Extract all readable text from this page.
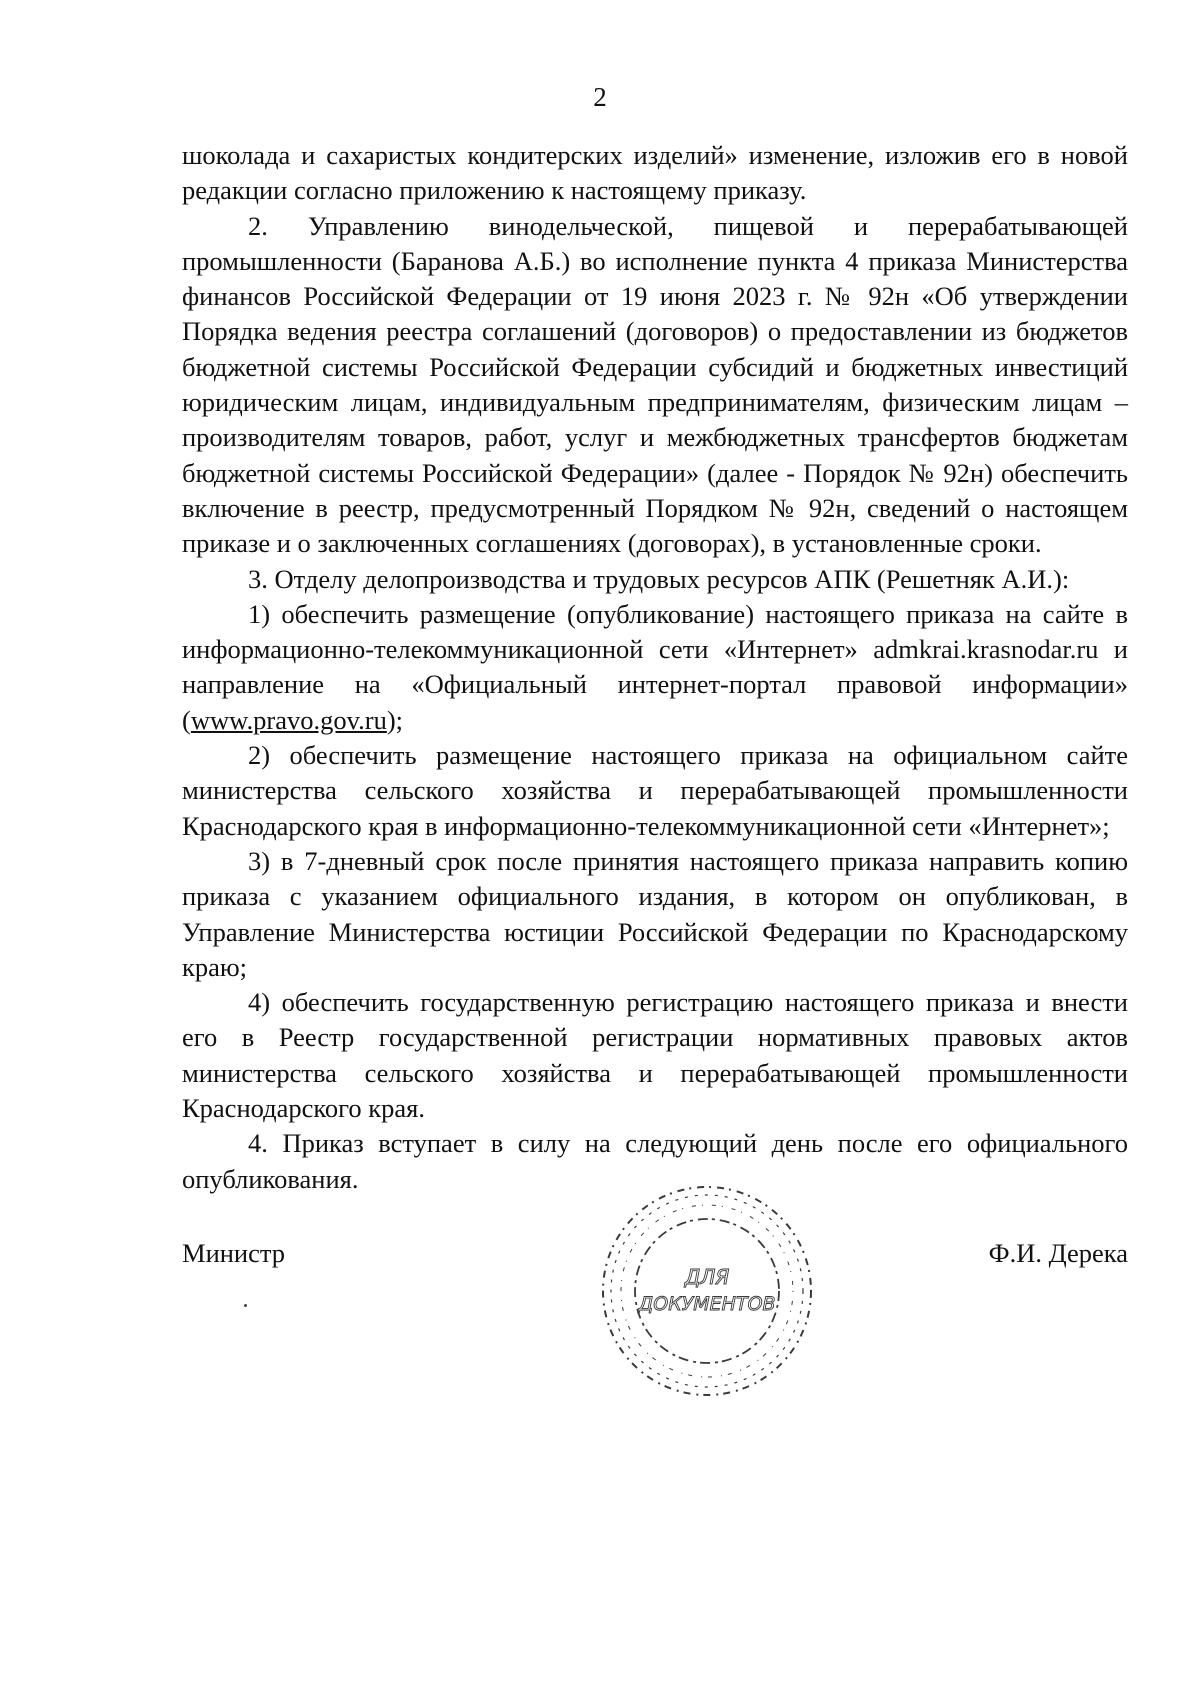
2

шоколада и сахаристых кондитерских изделий» изменение, изложив его в новой редакции согласно приложению к настоящему приказу.

2. Управлению винодельческой, пищевой и перерабатывающей промышленности (Баранова А.Б.) во исполнение пункта 4 приказа Министерства финансов Российской Федерации от 19 июня 2023 г. № 92н «Об утверждении Порядка ведения реестра соглашений (договоров) о предоставлении из бюджетов бюджетной системы Российской Федерации субсидий и бюджетных инвестиций юридическим лицам, индивидуальным предпринимателям, физическим лицам – производителям товаров, работ, услуг и межбюджетных трансфертов бюджетам бюджетной системы Российской Федерации» (далее - Порядок № 92н) обеспечить включение в реестр, предусмотренный Порядком № 92н, сведений о настоящем приказе и о заключенных соглашениях (договорах), в установленные сроки.

3. Отделу делопроизводства и трудовых ресурсов АПК (Решетняк А.И.):

1) обеспечить размещение (опубликование) настоящего приказа на сайте в информационно-телекоммуникационной сети «Интернет» admkrai.krasnodar.ru и направление на «Официальный интернет-портал правовой информации» (www.pravo.gov.ru);

2) обеспечить размещение настоящего приказа на официальном сайте министерства сельского хозяйства и перерабатывающей промышленности Краснодарского края в информационно-телекоммуникационной сети «Интернет»;

3) в 7-дневный срок после принятия настоящего приказа направить копию приказа с указанием официального издания, в котором он опубликован, в Управление Министерства юстиции Российской Федерации по Краснодарскому краю;

4) обеспечить государственную регистрацию настоящего приказа и внести его в Реестр государственной регистрации нормативных правовых актов министерства сельского хозяйства и перерабатывающей промышленности Краснодарского края.

4. Приказ вступает в силу на следующий день после его официального опубликования.

Министр	Ф.И. Дерека
ДЛЯ
ДОКУМЕНТОВ
